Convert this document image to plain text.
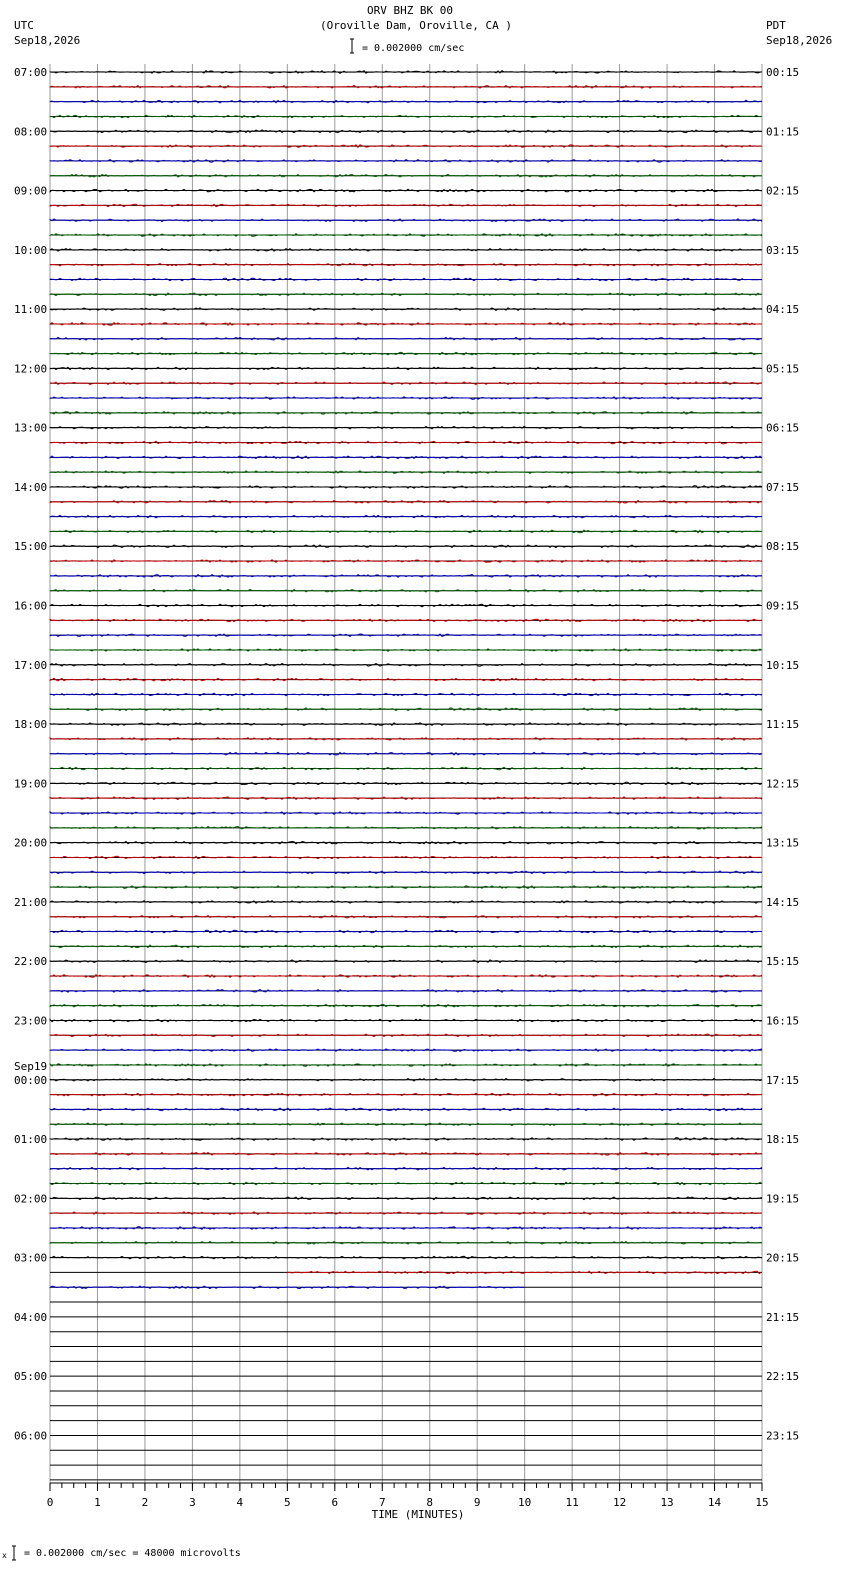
ORV BHZ BK 00
(Oroville Dam, Oroville, CA )
UTC
Sep18,2026
PDT
Sep18,2026
= 0.002000 cm/sec
TIME (MINUTES)
x = 0.002000 cm/sec = 48000 microvolts
0	1	2	3	4	5	6	7	8	9	10	11	12	13	14	15
07:00
08:00
09:00
10:00
11:00
12:00
13:00
14:00
15:00
16:00
17:00
18:00
19:00
20:00
21:00
22:00
23:00
00:00
Sep19
01:00
02:00
03:00
04:00
05:00
06:00
00:15
01:15
02:15
03:15
04:15
05:15
06:15
07:15
08:15
09:15
10:15
11:15
12:15
13:15
14:15
15:15
16:15
17:15
18:15
19:15
20:15
21:15
22:15
23:15
